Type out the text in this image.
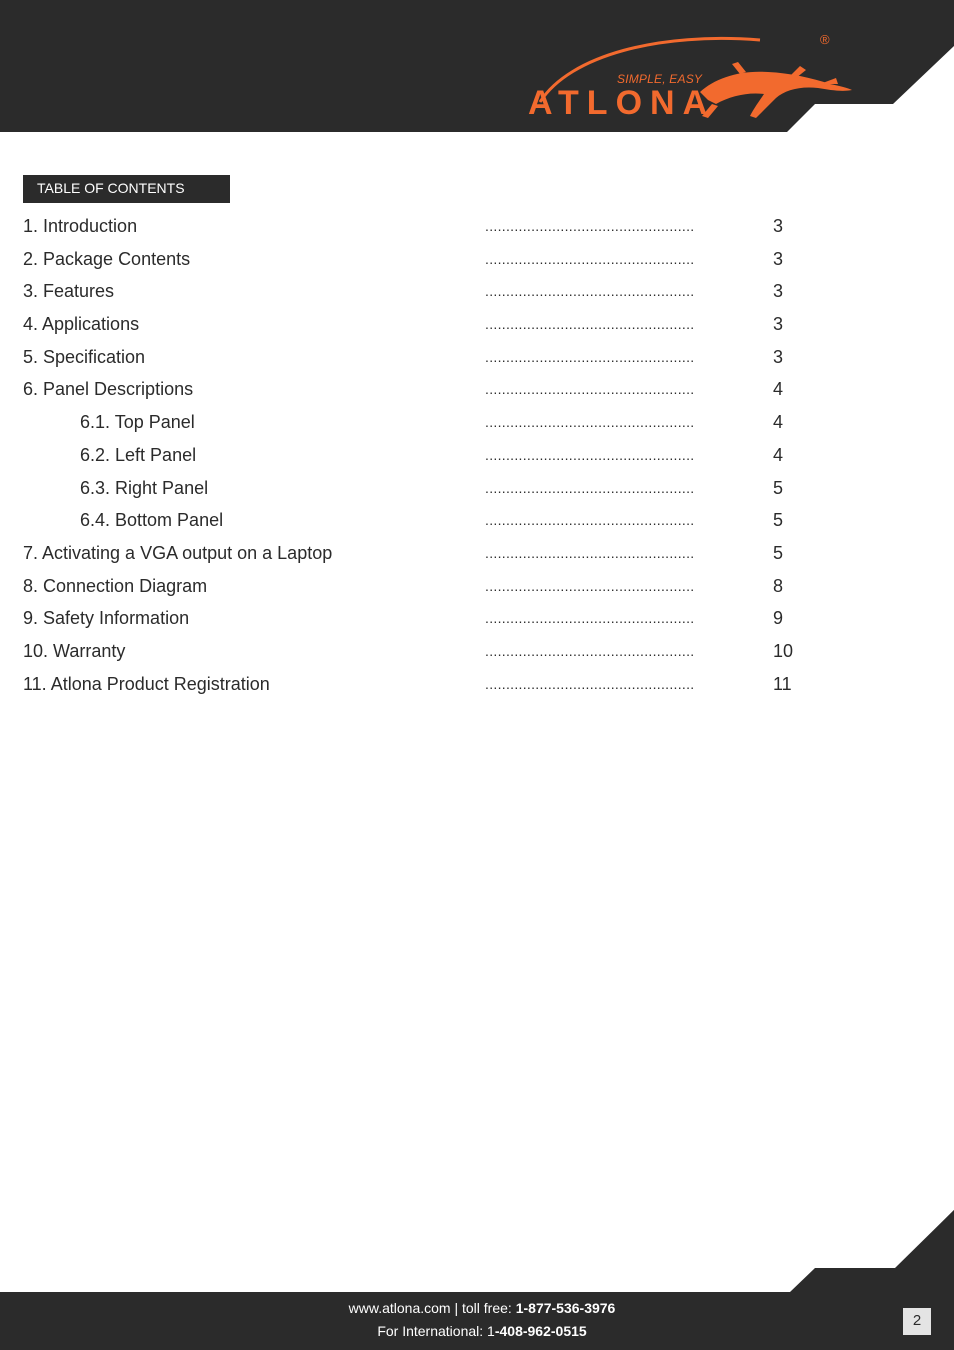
SIMPLE, EASY
ATLONA
®
TABLE OF CONTENTS
1. Introduction	..................................................	3
2. Package Contents	..................................................	3
3. Features	..................................................	3
4. Applications	..................................................	3
5. Specification	..................................................	3
6. Panel Descriptions	..................................................	4
6.1. Top Panel	..................................................	4
6.2. Left Panel	..................................................	4
6.3. Right Panel	..................................................	5
6.4. Bottom Panel	..................................................	5
7. Activating a VGA output on a Laptop	..................................................	5
8. Connection Diagram	..................................................	8
9. Safety Information	..................................................	9
10. Warranty	..................................................	10
11. Atlona Product Registration	..................................................	11
www.atlona.com | toll free: 1-877-536-3976
For International: 1-408-962-0515
2
